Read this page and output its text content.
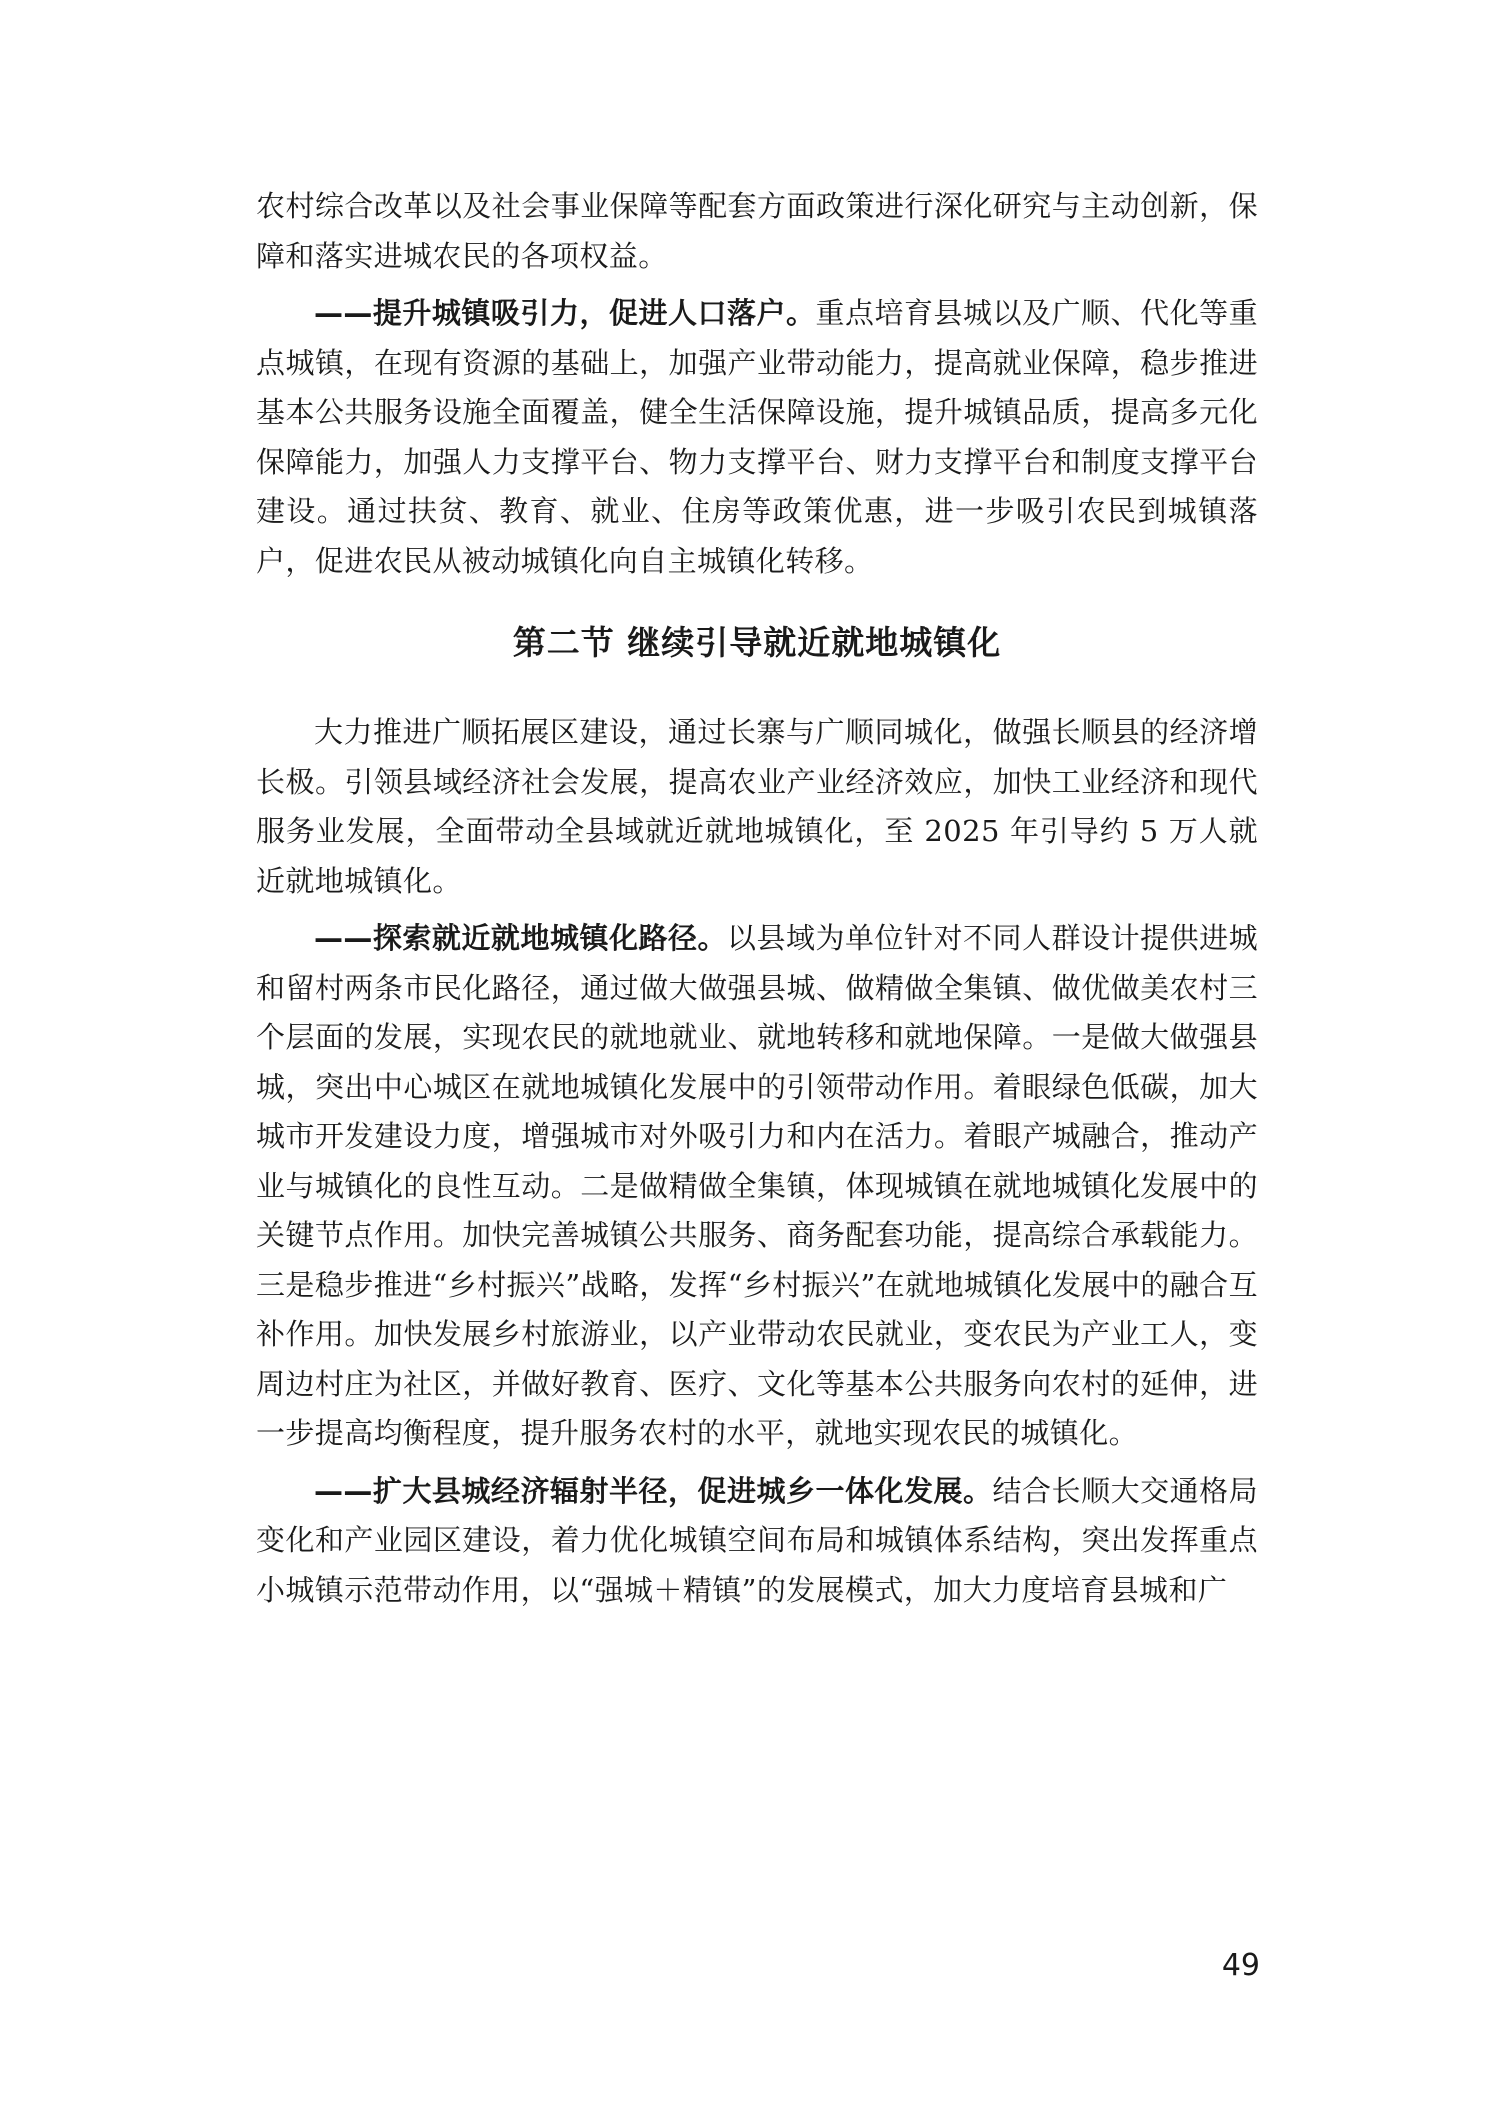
农村综合改革以及社会事业保障等配套方面政策进行深化研究与主动创新，保障和落实进城农民的各项权益。

——提升城镇吸引力，促进人口落户。重点培育县城以及广顺、代化等重点城镇，在现有资源的基础上，加强产业带动能力，提高就业保障，稳步推进基本公共服务设施全面覆盖，健全生活保障设施，提升城镇品质，提高多元化保障能力，加强人力支撑平台、物力支撑平台、财力支撑平台和制度支撑平台建设。通过扶贫、教育、就业、住房等政策优惠，进一步吸引农民到城镇落户，促进农民从被动城镇化向自主城镇化转移。

第二节 继续引导就近就地城镇化

大力推进广顺拓展区建设，通过长寨与广顺同城化，做强长顺县的经济增长极。引领县域经济社会发展，提高农业产业经济效应，加快工业经济和现代服务业发展，全面带动全县域就近就地城镇化，至 2025 年引导约 5 万人就近就地城镇化。

——探索就近就地城镇化路径。以县域为单位针对不同人群设计提供进城和留村两条市民化路径，通过做大做强县城、做精做全集镇、做优做美农村三个层面的发展，实现农民的就地就业、就地转移和就地保障。一是做大做强县城，突出中心城区在就地城镇化发展中的引领带动作用。着眼绿色低碳，加大城市开发建设力度，增强城市对外吸引力和内在活力。着眼产城融合，推动产业与城镇化的良性互动。二是做精做全集镇，体现城镇在就地城镇化发展中的关键节点作用。加快完善城镇公共服务、商务配套功能，提高综合承载能力。三是稳步推进“乡村振兴”战略，发挥“乡村振兴”在就地城镇化发展中的融合互补作用。加快发展乡村旅游业，以产业带动农民就业，变农民为产业工人，变周边村庄为社区，并做好教育、医疗、文化等基本公共服务向农村的延伸，进一步提高均衡程度，提升服务农村的水平，就地实现农民的城镇化。

——扩大县城经济辐射半径，促进城乡一体化发展。结合长顺大交通格局变化和产业园区建设，着力优化城镇空间布局和城镇体系结构，突出发挥重点小城镇示范带动作用，以“强城＋精镇”的发展模式，加大力度培育县城和广

49
